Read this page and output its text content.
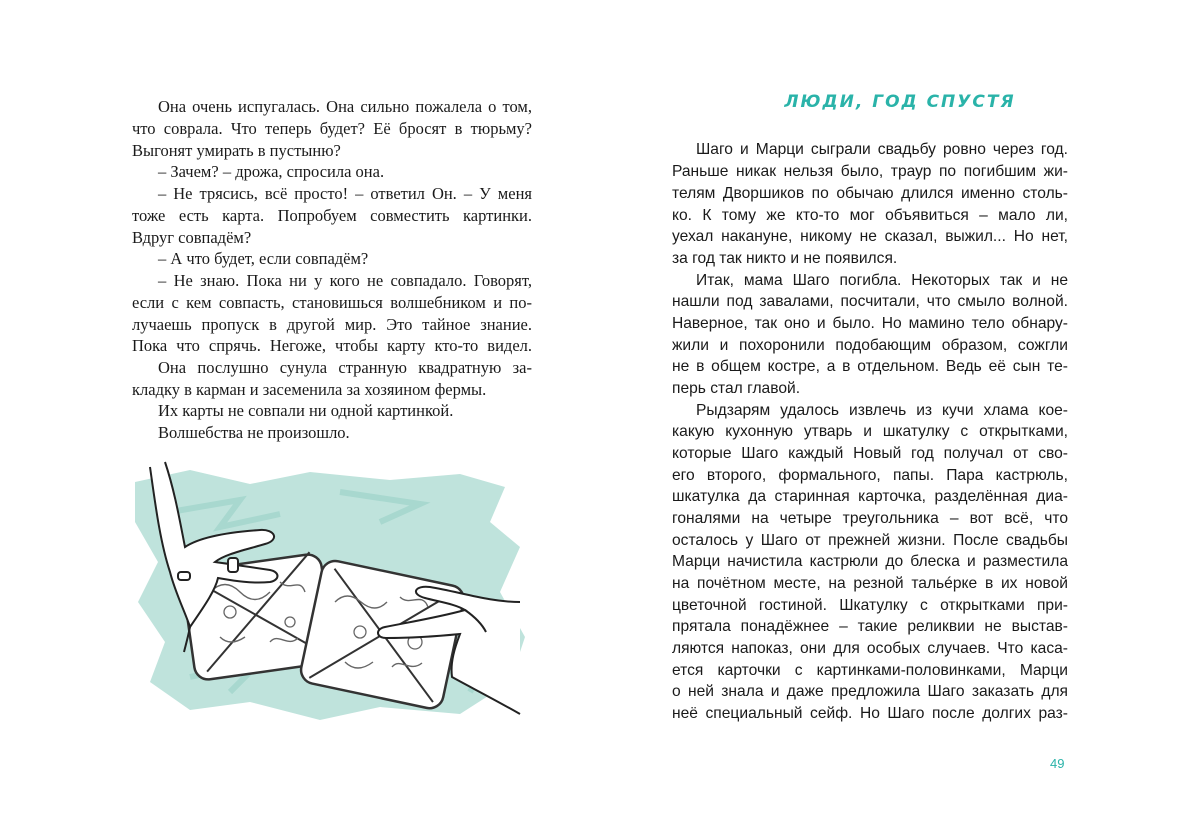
Она очень испугалась. Она сильно пожалела о том,
что соврала. Что теперь будет? Её бросят в тюрьму?
Выгонят умирать в пустыню?
– Зачем? – дрожа, спросила она.
– Не трясись, всё просто! – ответил Он. – У меня
тоже есть карта. Попробуем совместить картинки.
Вдруг совпадём?
– А что будет, если совпадём?
– Не знаю. Пока ни у кого не совпадало. Говорят,
если с кем совпасть, становишься волшебником и по-
лучаешь пропуск в другой мир. Это тайное знание.
Пока что спрячь. Негоже, чтобы карту кто-то видел.
Она послушно сунула странную квадратную за-
кладку в карман и засеменила за хозяином фермы.
Их карты не совпали ни одной картинкой.
Волшебства не произошло.
ЛЮДИ, ГОД СПУСТЯ
Шаго и Марци сыграли свадьбу ровно через год.
Раньше никак нельзя было, траур по погибшим жи-
телям Дворшиков по обычаю длился именно столь-
ко. К тому же кто-то мог объявиться – мало ли,
уехал накануне, никому не сказал, выжил... Но нет,
за год так никто и не появился.
Итак, мама Шаго погибла. Некоторых так и не
нашли под завалами, посчитали, что смыло волной.
Наверное, так оно и было. Но мамино тело обнару-
жили и похоронили подобающим образом, сожгли
не в общем костре, а в отдельном. Ведь её сын те-
перь стал главой.
Рыдзарям удалось извлечь из кучи хлама кое-
какую кухонную утварь и шкатулку с открытками,
которые Шаго каждый Новый год получал от сво-
его второго, формального, папы. Пара кастрюль,
шкатулка да старинная карточка, разделённая диа-
гоналями на четыре треугольника – вот всё, что
осталось у Шаго от прежней жизни. После свадьбы
Марци начистила кастрюли до блеска и разместила
на почётном месте, на резной тальéрке в их новой
цветочной гостиной. Шкатулку с открытками при-
прятала понадёжнее – такие реликвии не выстав-
ляются напоказ, они для особых случаев. Что каса-
ется карточки с картинками-половинками, Марци
о ней знала и даже предложила Шаго заказать для
неё специальный сейф. Но Шаго после долгих раз-
49
